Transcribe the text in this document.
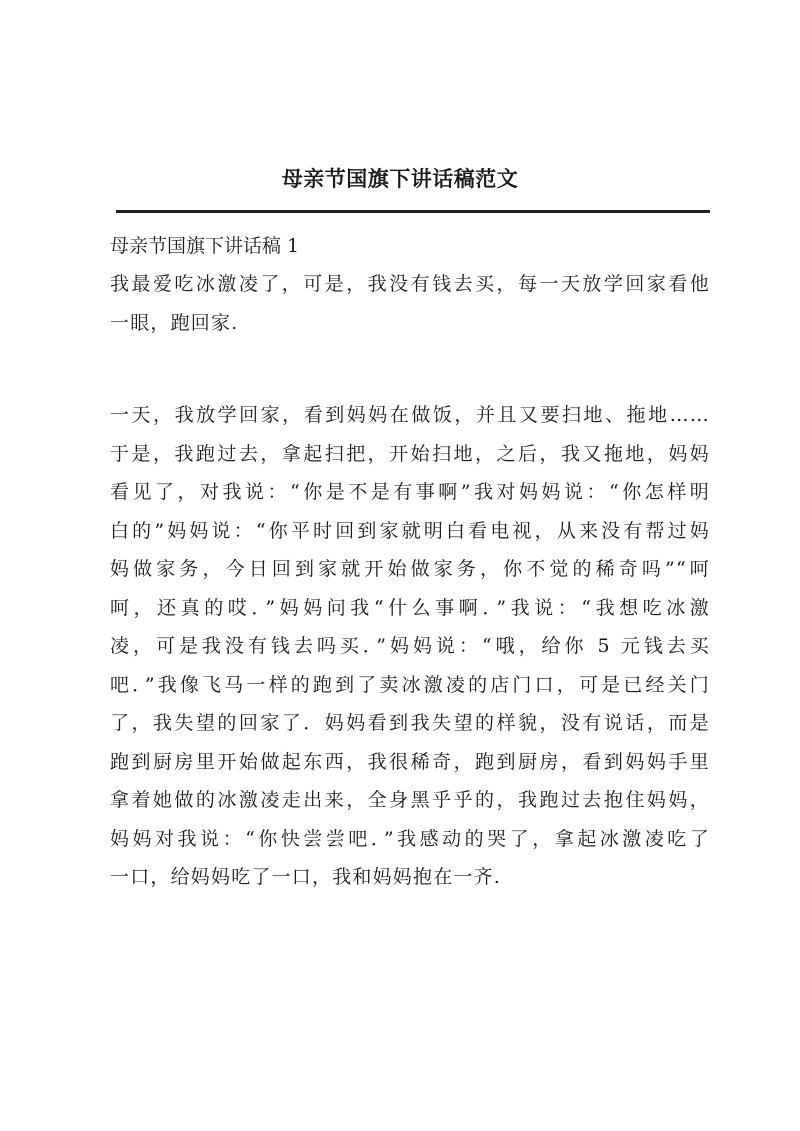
母亲节国旗下讲话稿范文
母亲节国旗下讲话稿 1
我最爱吃冰激凌了，可是，我没有钱去买，每一天放学回家看他
一眼，跑回家.
一天，我放学回家，看到妈妈在做饭，并且又要扫地、拖地……
于是，我跑过去，拿起扫把，开始扫地，之后，我又拖地，妈妈
看见了，对我说：“你是不是有事啊”我对妈妈说：“你怎样明
白的”妈妈说：“你平时回到家就明白看电视，从来没有帮过妈
妈做家务，今日回到家就开始做家务，你不觉的稀奇吗”“呵
呵，还真的哎．”妈妈问我“什么事啊．”我说：“我想吃冰激
凌，可是我没有钱去吗买．”妈妈说：“哦，给你 5 元钱去买
吧．”我像飞马一样的跑到了卖冰激凌的店门口，可是已经关门
了，我失望的回家了．妈妈看到我失望的样貌，没有说话，而是
跑到厨房里开始做起东西，我很稀奇，跑到厨房，看到妈妈手里
拿着她做的冰激凌走出来，全身黑乎乎的，我跑过去抱住妈妈，
妈妈对我说：“你快尝尝吧．”我感动的哭了，拿起冰激凌吃了
一口，给妈妈吃了一口，我和妈妈抱在一齐.
